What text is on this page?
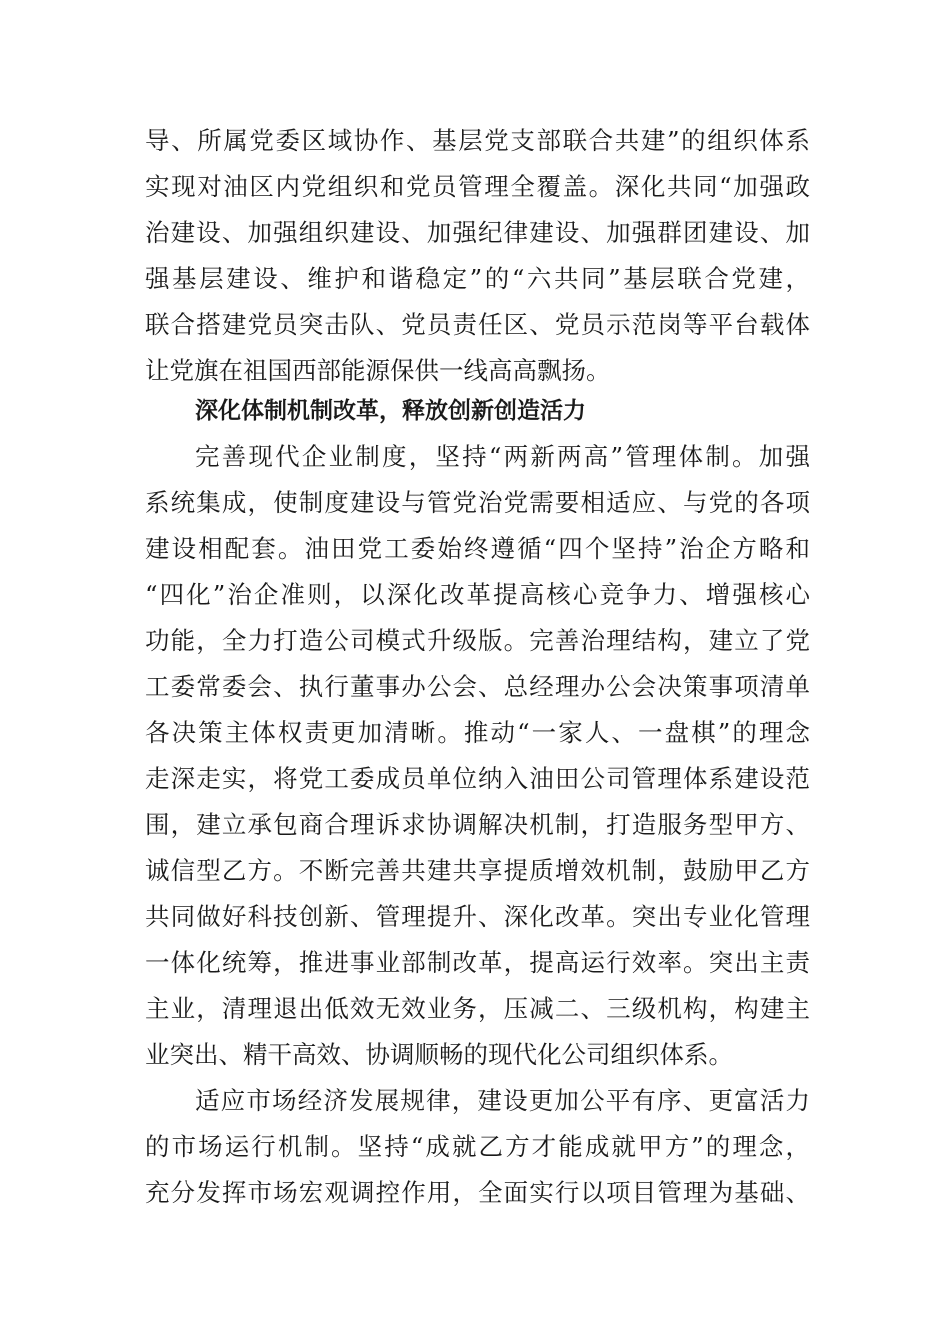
导、所属党委区域协作、基层党支部联合共建”的组织体系
实现对油区内党组织和党员管理全覆盖。深化共同“加强政
治建设、加强组织建设、加强纪律建设、加强群团建设、加
强基层建设、维护和谐稳定”的“六共同”基层联合党建，
联合搭建党员突击队、党员责任区、党员示范岗等平台载体
让党旗在祖国西部能源保供一线高高飘扬。
深化体制机制改革，释放创新创造活力
完善现代企业制度，坚持“两新两高”管理体制。加强
系统集成，使制度建设与管党治党需要相适应、与党的各项
建设相配套。油田党工委始终遵循“四个坚持”治企方略和
“四化”治企准则，以深化改革提高核心竞争力、增强核心
功能，全力打造公司模式升级版。完善治理结构，建立了党
工委常委会、执行董事办公会、总经理办公会决策事项清单
各决策主体权责更加清晰。推动“一家人、一盘棋”的理念
走深走实，将党工委成员单位纳入油田公司管理体系建设范
围，建立承包商合理诉求协调解决机制，打造服务型甲方、
诚信型乙方。不断完善共建共享提质增效机制，鼓励甲乙方
共同做好科技创新、管理提升、深化改革。突出专业化管理
一体化统筹，推进事业部制改革，提高运行效率。突出主责
主业，清理退出低效无效业务，压减二、三级机构，构建主
业突出、精干高效、协调顺畅的现代化公司组织体系。
适应市场经济发展规律，建设更加公平有序、更富活力
的市场运行机制。坚持“成就乙方才能成就甲方”的理念，
充分发挥市场宏观调控作用，全面实行以项目管理为基础、
